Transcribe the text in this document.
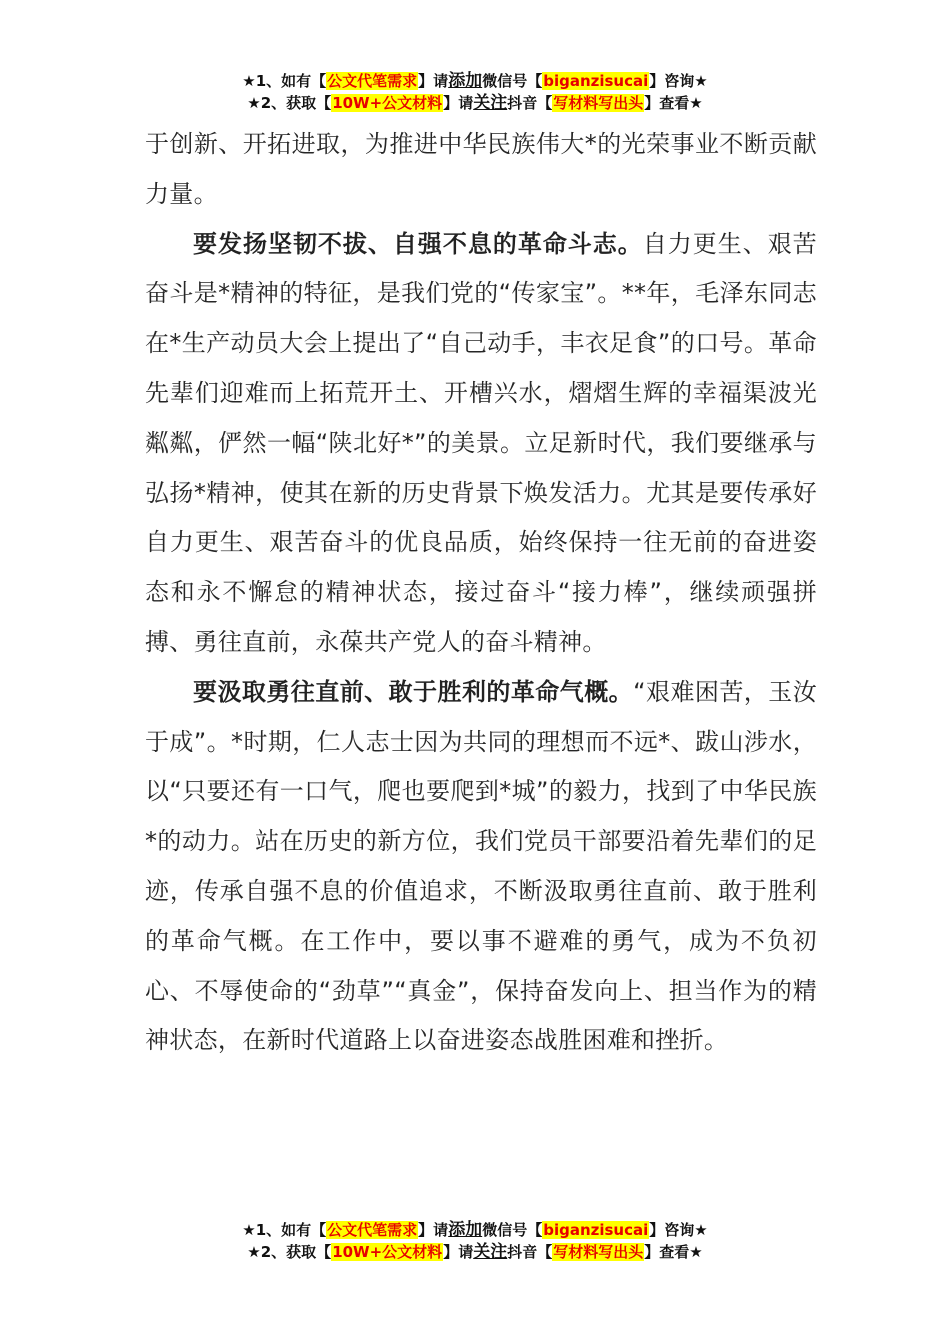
★1、如有【公文代笔需求】请添加微信号【biganzisucai】咨询★
★2、获取【10W+公文材料】请关注抖音【写材料写出头】查看★

于创新、开拓进取，为推进中华民族伟大*的光荣事业不断贡献力量。

要发扬坚韧不拔、自强不息的革命斗志。自力更生、艰苦奋斗是*精神的特征，是我们党的“传家宝”。**年，毛泽东同志在*生产动员大会上提出了“自己动手，丰衣足食”的口号。革命先辈们迎难而上拓荒开土、开槽兴水，熠熠生辉的幸福渠波光粼粼，俨然一幅“陕北好*”的美景。立足新时代，我们要继承与弘扬*精神，使其在新的历史背景下焕发活力。尤其是要传承好自力更生、艰苦奋斗的优良品质，始终保持一往无前的奋进姿态和永不懈怠的精神状态，接过奋斗“接力棒”，继续顽强拼搏、勇往直前，永葆共产党人的奋斗精神。

要汲取勇往直前、敢于胜利的革命气概。“艰难困苦，玉汝于成”。*时期，仁人志士因为共同的理想而不远*、跋山涉水，以“只要还有一口气，爬也要爬到*城”的毅力，找到了中华民族*的动力。站在历史的新方位，我们党员干部要沿着先辈们的足迹，传承自强不息的价值追求，不断汲取勇往直前、敢于胜利的革命气概。在工作中，要以事不避难的勇气，成为不负初心、不辱使命的“劲草”“真金”，保持奋发向上、担当作为的精神状态，在新时代道路上以奋进姿态战胜困难和挫折。

★1、如有【公文代笔需求】请添加微信号【biganzisucai】咨询★
★2、获取【10W+公文材料】请关注抖音【写材料写出头】查看★
